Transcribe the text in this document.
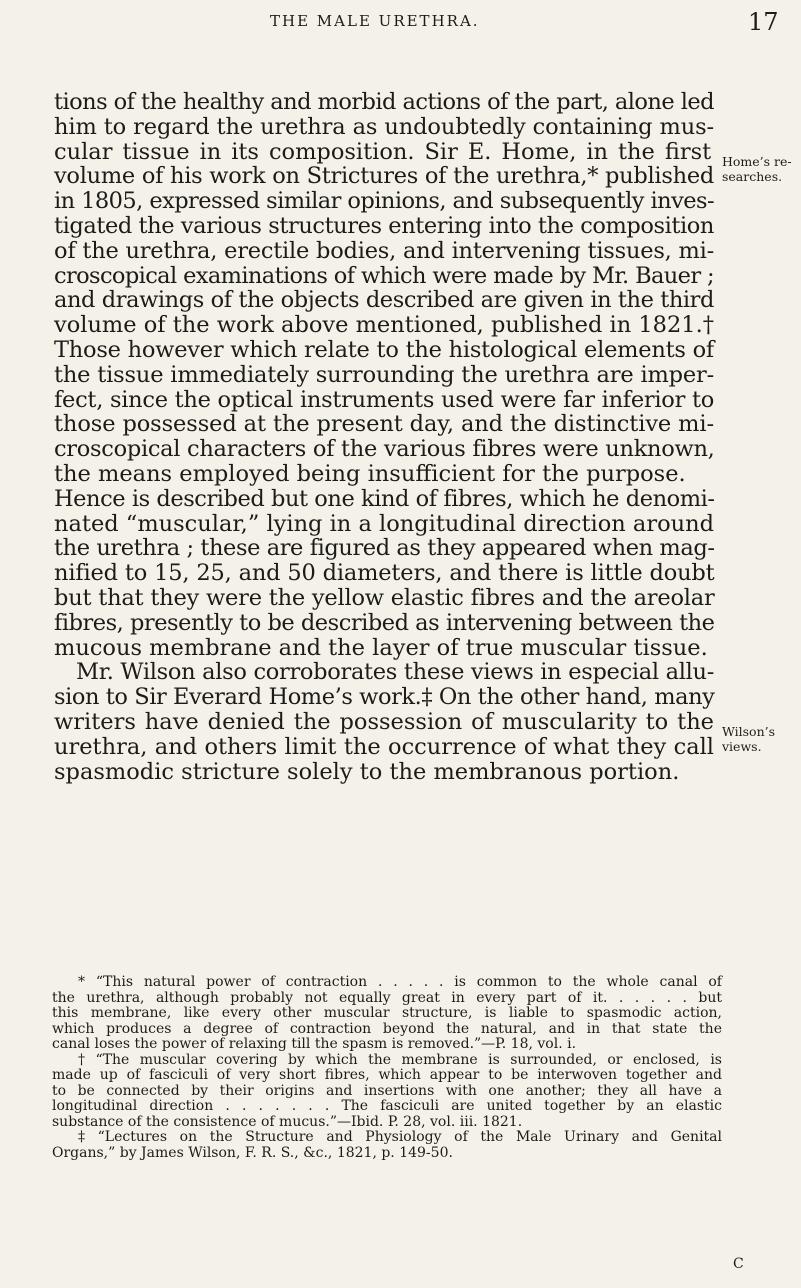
THE MALE URETHRA.	17
tions of the healthy and morbid actions of the part, alone led
him to regard the urethra as undoubtedly containing mus-
cular tissue in its composition. Sir E. Home, in the first
volume of his work on Strictures of the urethra,* published
in 1805, expressed similar opinions, and subsequently inves-
tigated the various structures entering into the composition
of the urethra, erectile bodies, and intervening tissues, mi-
croscopical examinations of which were made by Mr. Bauer ;
and drawings of the objects described are given in the third
volume of the work above mentioned, published in 1821.†
Those however which relate to the histological elements of
the tissue immediately surrounding the urethra are imper-
fect, since the optical instruments used were far inferior to
those possessed at the present day, and the distinctive mi-
croscopical characters of the various fibres were unknown,
the means employed being insufficient for the purpose.
Hence is described but one kind of fibres, which he denomi-
nated “muscular,” lying in a longitudinal direction around
the urethra ; these are figured as they appeared when mag-
nified to 15, 25, and 50 diameters, and there is little doubt
but that they were the yellow elastic fibres and the areolar
fibres, presently to be described as intervening between the
mucous membrane and the layer of true muscular tissue.
Mr. Wilson also corroborates these views in especial allu-
sion to Sir Everard Home’s work.‡ On the other hand, many
writers have denied the possession of muscularity to the
urethra, and others limit the occurrence of what they call
spasmodic stricture solely to the membranous portion.
Home’s re-
searches.
Wilson’s
views.
* “This natural power of contraction . . . . . is common to the whole canal of
the urethra, although probably not equally great in every part of it. . . . . . but
this membrane, like every other muscular structure, is liable to spasmodic action,
which produces a degree of contraction beyond the natural, and in that state the
canal loses the power of relaxing till the spasm is removed.”—P. 18, vol. i.
† “The muscular covering by which the membrane is surrounded, or enclosed, is
made up of fasciculi of very short fibres, which appear to be interwoven together and
to be connected by their origins and insertions with one another; they all have a
longitudinal direction . . . . . . . The fasciculi are united together by an elastic
substance of the consistence of mucus.”—Ibid. P. 28, vol. iii. 1821.
‡ “Lectures on the Structure and Physiology of the Male Urinary and Genital
Organs,” by James Wilson, F. R. S., &c., 1821, p. 149-50.
C
